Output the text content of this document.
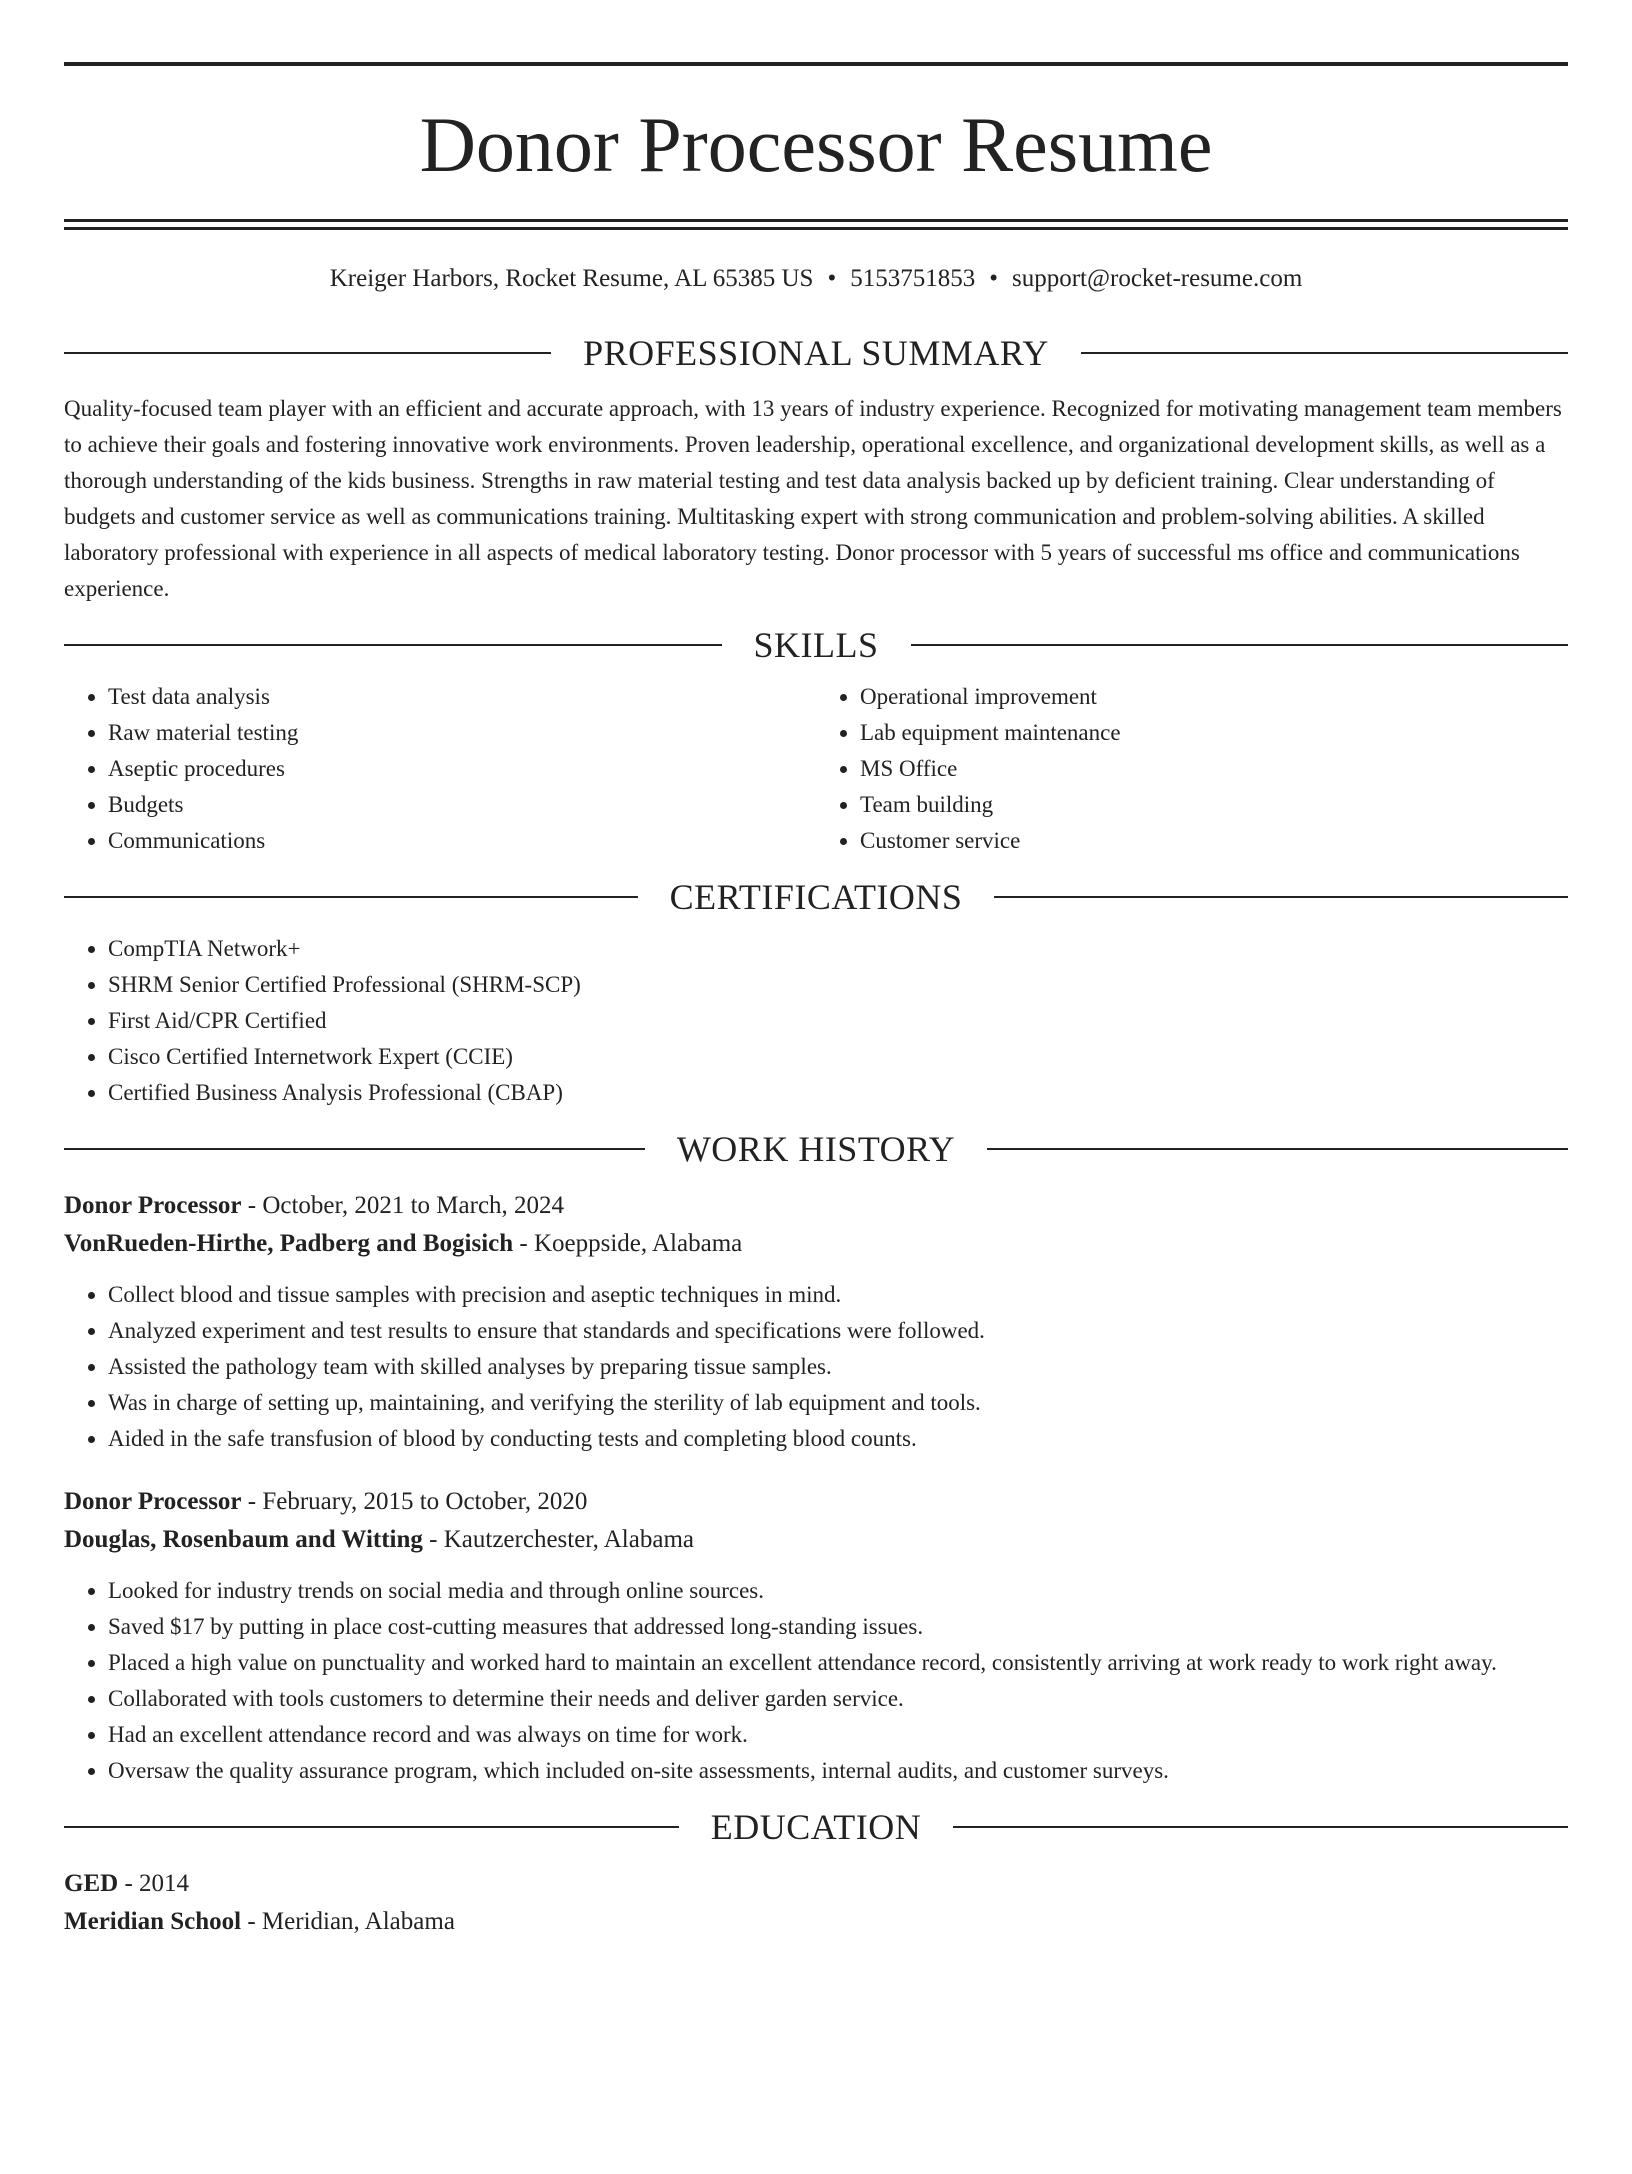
Donor Processor Resume
Kreiger Harbors, Rocket Resume, AL 65385 US • 5153751853 • support@rocket-resume.com
PROFESSIONAL SUMMARY

Quality-focused team player with an efficient and accurate approach, with 13 years of industry experience. Recognized for motivating management team members to achieve their goals and fostering innovative work environments. Proven leadership, operational excellence, and organizational development skills, as well as a thorough understanding of the kids business. Strengths in raw material testing and test data analysis backed up by deficient training. Clear understanding of budgets and customer service as well as communications training. Multitasking expert with strong communication and problem-solving abilities. A skilled laboratory professional with experience in all aspects of medical laboratory testing. Donor processor with 5 years of successful ms office and communications experience.

SKILLS
• Test data analysis
• Raw material testing
• Aseptic procedures
• Budgets
• Communications
• Operational improvement
• Lab equipment maintenance
• MS Office
• Team building
• Customer service
CERTIFICATIONS
• CompTIA Network+
• SHRM Senior Certified Professional (SHRM-SCP)
• First Aid/CPR Certified
• Cisco Certified Internetwork Expert (CCIE)
• Certified Business Analysis Professional (CBAP)
WORK HISTORY
Donor Processor - October, 2021 to March, 2024
VonRueden-Hirthe, Padberg and Bogisich - Koeppside, Alabama
• Collect blood and tissue samples with precision and aseptic techniques in mind.
• Analyzed experiment and test results to ensure that standards and specifications were followed.
• Assisted the pathology team with skilled analyses by preparing tissue samples.
• Was in charge of setting up, maintaining, and verifying the sterility of lab equipment and tools.
• Aided in the safe transfusion of blood by conducting tests and completing blood counts.
Donor Processor - February, 2015 to October, 2020
Douglas, Rosenbaum and Witting - Kautzerchester, Alabama
• Looked for industry trends on social media and through online sources.
• Saved $17 by putting in place cost-cutting measures that addressed long-standing issues.
• Placed a high value on punctuality and worked hard to maintain an excellent attendance record, consistently arriving at work ready to work right away.
• Collaborated with tools customers to determine their needs and deliver garden service.
• Had an excellent attendance record and was always on time for work.
• Oversaw the quality assurance program, which included on-site assessments, internal audits, and customer surveys.
EDUCATION
GED - 2014
Meridian School - Meridian, Alabama
